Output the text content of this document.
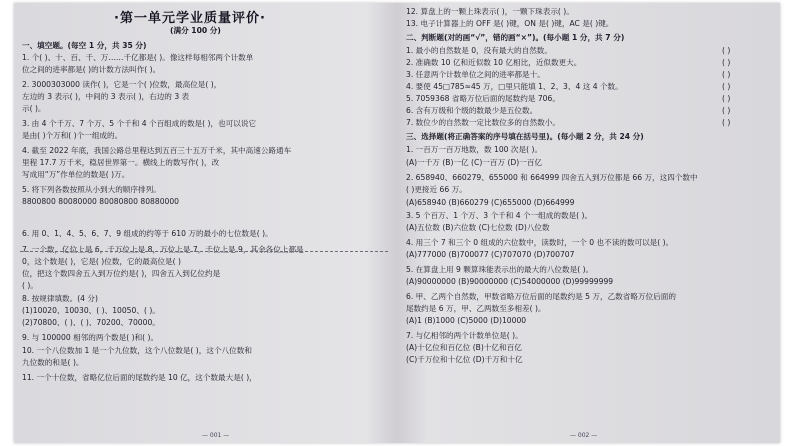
·第一单元学业质量评价·
(满分 100 分)
一、填空题。(每空 1 分，共 35 分)
1. 个( )、十、百、千、万……千亿都是( )。像这样每相邻两个计数单
位之间的进率都是( )的计数方法叫作( )。
2. 3000303000 读作( )，它是一个( )位数，最高位是( )，
左边的 3 表示( )，中间的 3 表示( )，右边的 3 表
示( )。
3. 由 4 个千万、7 个万、5 个千和 4 个百组成的数是( )，也可以说它
是由( )个万和( )个一组成的。
4. 截至 2022 年底，我国公路总里程达到五百三十五万千米，其中高速公路通车
里程 17.7 万千米，稳居世界第一。横线上的数写作( )，改
写成用“万”作单位的数是( )万。
5. 将下列各数按照从小到大的顺序排列。
8800800 80080000 80080800 80880000
6. 用 0、1、4、5、6、7、9 组成的约等于 610 万的最小的七位数是( )。
7. 一个数，亿位上是 6，千万位上是 8，万位上是 7，千位上是 9，其余各位上都是
0，这个数是( )，它是( )位数，它的最高位是( )
位，把这个数四舍五入到万位约是( )，四舍五入到亿位约是
( )。
8. 按规律填数。(4 分)
(1)10020、10030、( )、10050、( )。
(2)70800、( )、( )、70200、70000。
9. 与 100000 相邻的两个数是( )和( )。
10. 一个八位数加 1 是一个九位数，这个八位数是( )，这个八位数和
九位数的和是( )。
11. 一个十位数，省略亿位后面的尾数约是 10 亿，这个数最大是( )，
— 001 —
12. 算盘上的一颗上珠表示( )，一颗下珠表示( )。
13. 电子计算器上的 OFF 是( )键，ON 是( )键，AC 是( )键。
二、判断题(对的画“√”，错的画“×”)。(每小题 1 分，共 7 分)
1. 最小的自然数是 0，没有最大的自然数。
2. 准确数 10 亿和近似数 10 亿相比，近似数更大。
3. 任意两个计数单位之间的进率都是十。
4. 要使 45□785≈45 万，□里只能填 1、2、3、4 这 4 个数。
5. 7059368 省略万位后面的尾数约是 706。
6. 含有万级和个级的数最少是五位数。
7. 数位少的自然数一定比数位多的自然数小。
三、选择题(将正确答案的序号填在括号里)。(每小题 2 分，共 24 分)
1. 一百万一百万地数，数 100 次是( )。
(A)一千万 (B)一亿 (C)一百万 (D)一百亿
2. 658940、660279、655000 和 664999 四舍五入到万位都是 66 万，这四个数中
( )更接近 66 万。
(A)658940 (B)660279 (C)655000 (D)664999
3. 5 个百万、1 个万、3 个千和 4 个一组成的数是( )。
(A)五位数 (B)六位数 (C)七位数 (D)八位数
4. 用三个 7 和三个 0 组成的六位数中，读数时，一个 0 也不读的数可以是( )。
(A)777000 (B)700077 (C)707070 (D)700707
5. 在算盘上用 9 颗算珠能表示出的最大的八位数是( )。
(A)90000000 (B)90000000 (C)54000000 (D)99999999
6. 甲、乙两个自然数，甲数省略万位后面的尾数约是 5 万，乙数省略万位后面的
尾数约是 6 万，甲、乙两数至多相差( )。
(A)1 (B)1000 (C)5000 (D)10000
7. 与亿相邻的两个计数单位是( )。
(A)十亿位和百亿位 (B)十亿和百亿
(C)千万位和十亿位 (D)千万和十亿
( )
( )
( )
( )
( )
( )
( )
— 002 —
